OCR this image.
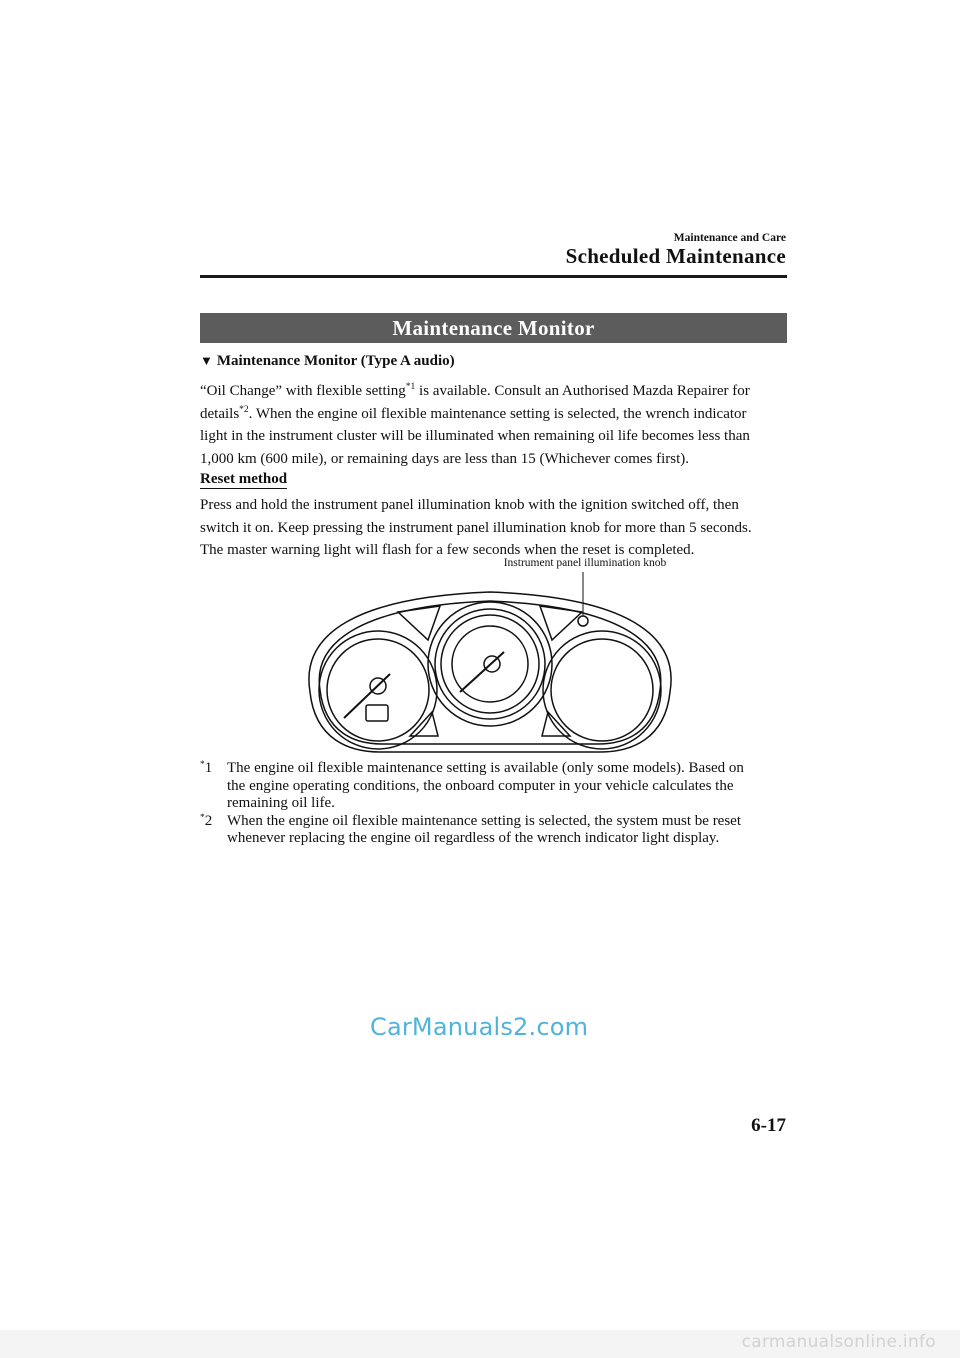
Maintenance and Care
Scheduled Maintenance
Maintenance Monitor
▼ Maintenance Monitor (Type A audio)

“Oil Change” with flexible setting$^{*1}$ is available. Consult an Authorised Mazda Repairer for

details$^{*2}$. When the engine oil flexible maintenance setting is selected, the wrench indicator

light in the instrument cluster will be illuminated when remaining oil life becomes less than

1,000 km (600 mile), or remaining days are less than 15 (Whichever comes first).

Reset method

Press and hold the instrument panel illumination knob with the ignition switched off, then

switch it on. Keep pressing the instrument panel illumination knob for more than 5 seconds.

The master warning light will flash for a few seconds when the reset is completed.

Instrument panel illumination knob
*1 The engine oil flexible maintenance setting is available (only some models). Based on
the engine operating conditions, the onboard computer in your vehicle calculates the
remaining oil life.
*2 When the engine oil flexible maintenance setting is selected, the system must be reset
whenever replacing the engine oil regardless of the wrench indicator light display.
CarManuals2.com
6-17
carmanualsonline.info
